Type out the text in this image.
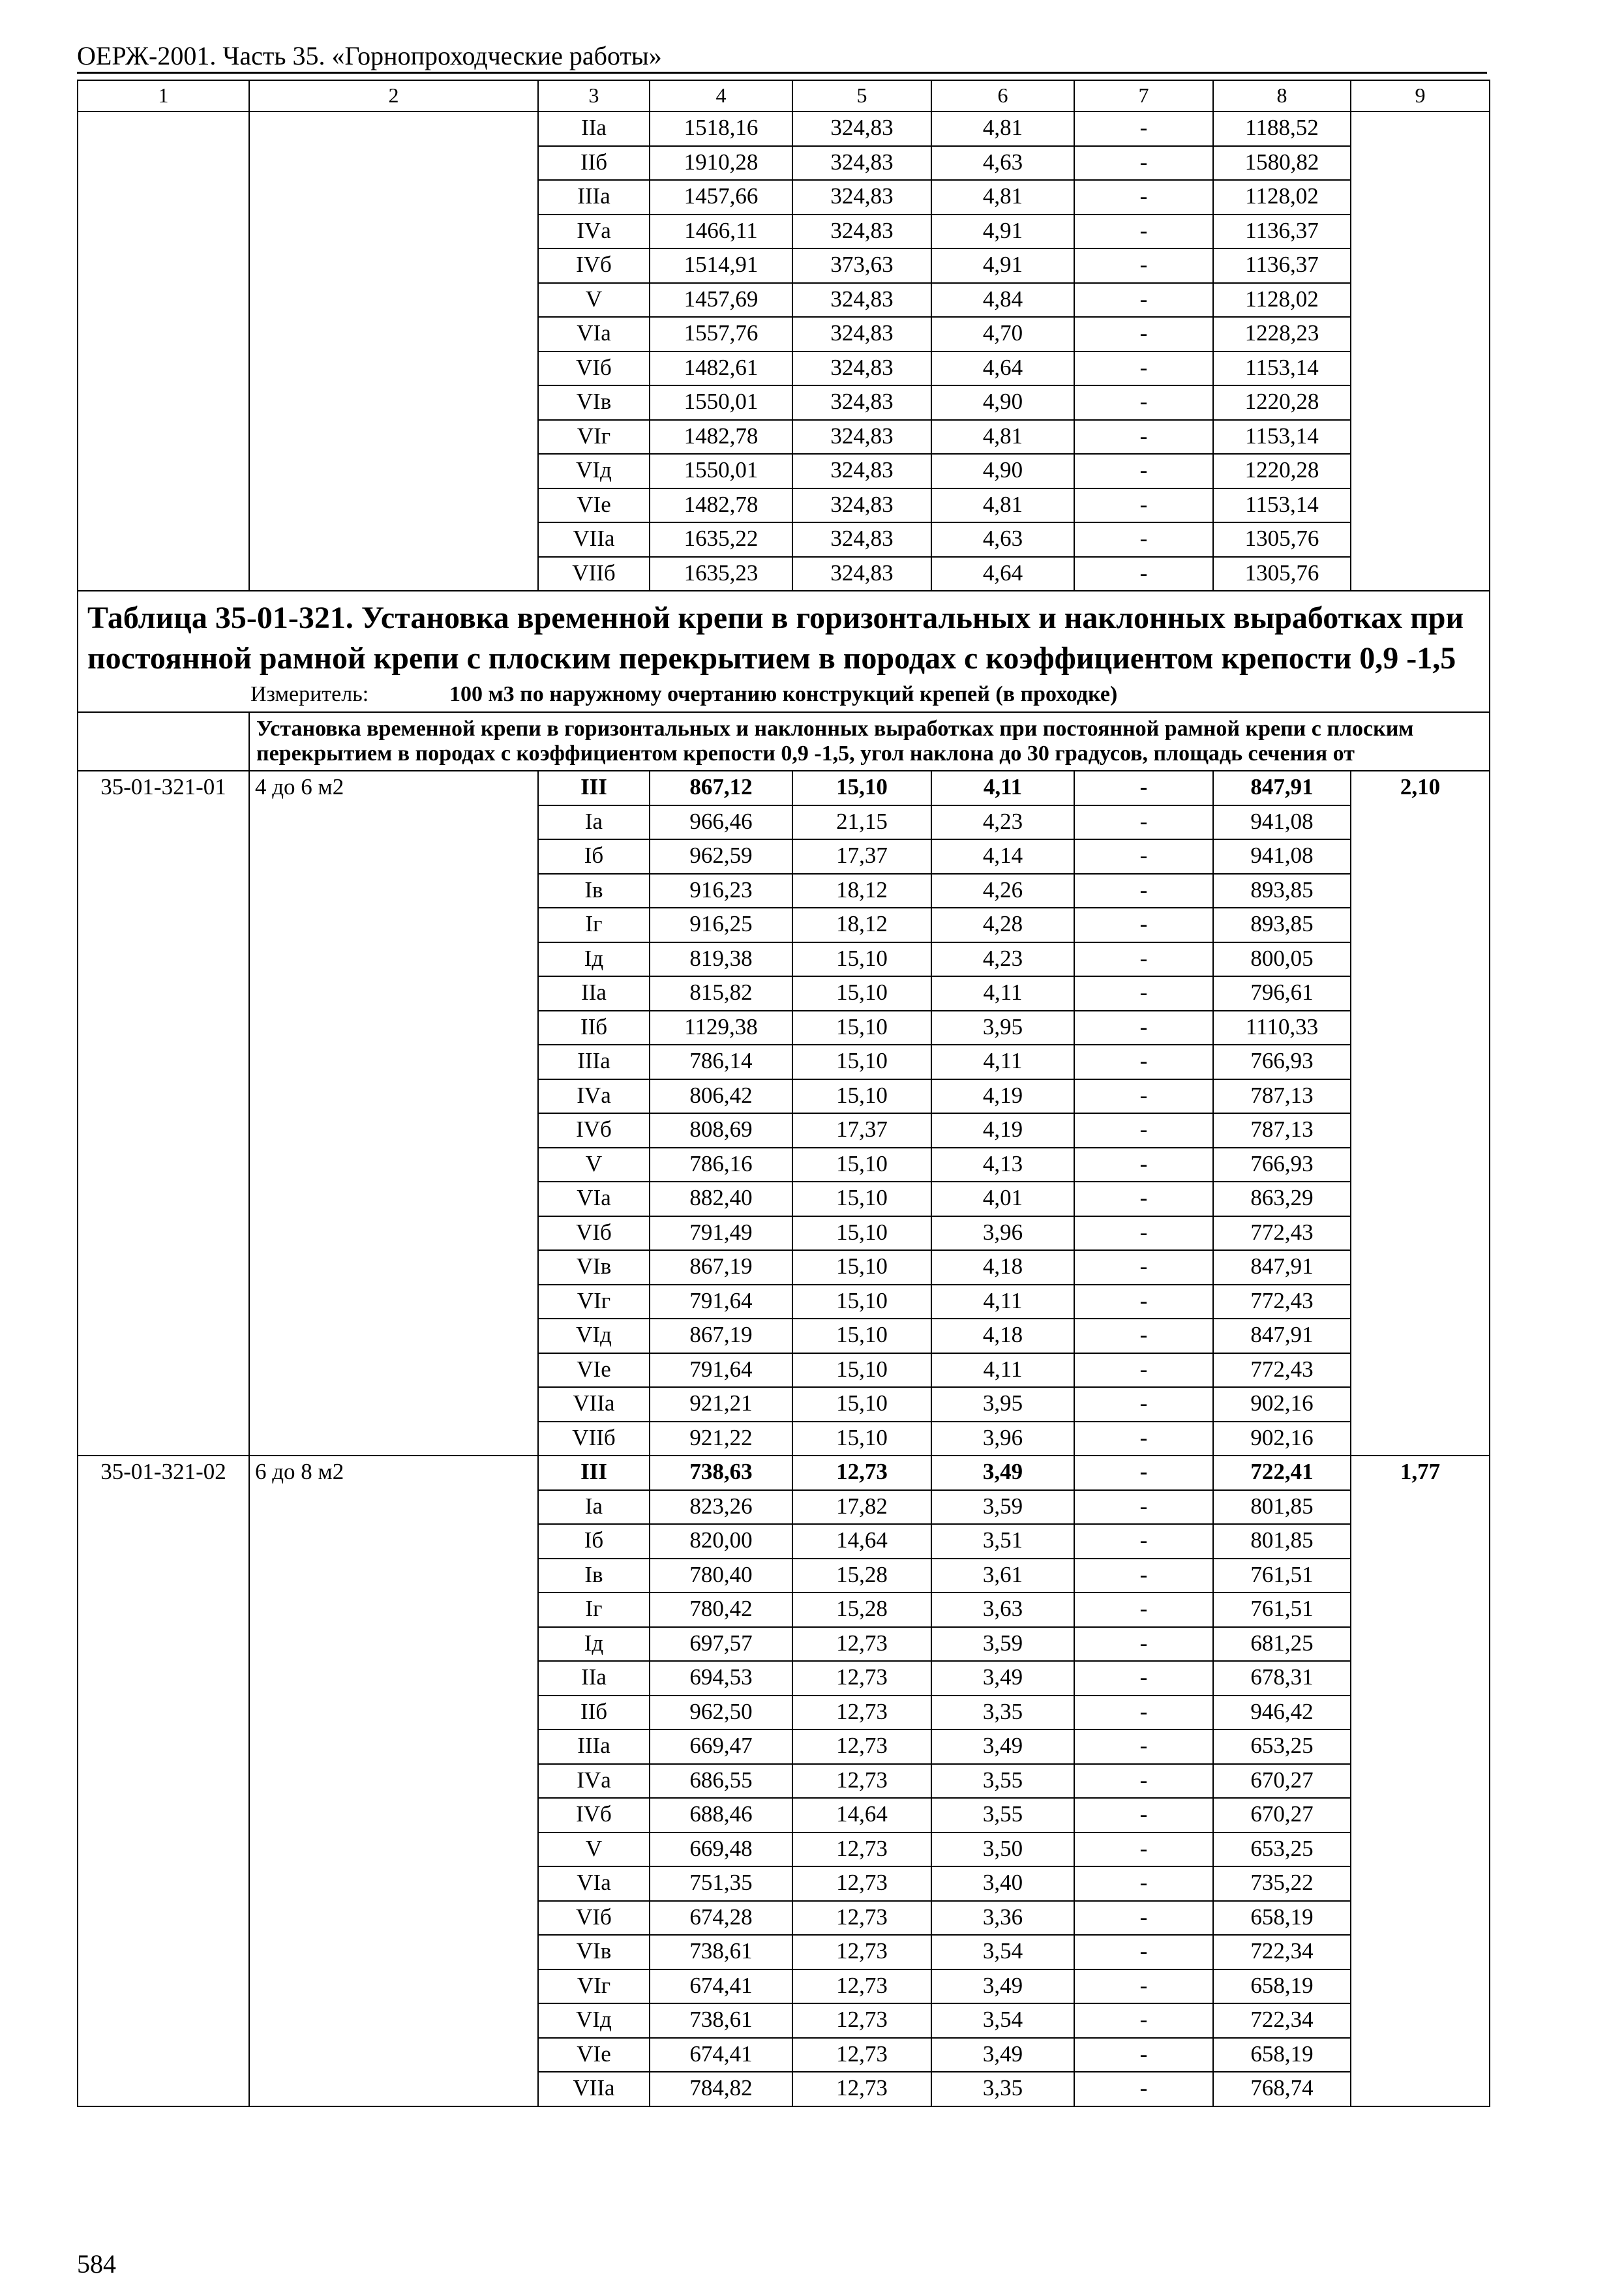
ОЕРЖ-2001. Часть 35. «Горнопроходческие работы»
1	2	3	4	5	6	7	8	9
		IIа	1518,16	324,83	4,81	-	1188,52	
		IIб	1910,28	324,83	4,63	-	1580,82	
		IIIа	1457,66	324,83	4,81	-	1128,02	
		IVа	1466,11	324,83	4,91	-	1136,37	
		IVб	1514,91	373,63	4,91	-	1136,37	
		V	1457,69	324,83	4,84	-	1128,02	
		VIа	1557,76	324,83	4,70	-	1228,23	
		VIб	1482,61	324,83	4,64	-	1153,14	
		VIв	1550,01	324,83	4,90	-	1220,28	
		VIг	1482,78	324,83	4,81	-	1153,14	
		VIд	1550,01	324,83	4,90	-	1220,28	
		VIе	1482,78	324,83	4,81	-	1153,14	
		VIIа	1635,22	324,83	4,63	-	1305,76	
		VIIб	1635,23	324,83	4,64	-	1305,76	

Таблица 35-01-321. Установка временной крепи в горизонтальных и наклонных выработках при постоянной рамной крепи с плоским перекрытием в породах с коэффициентом крепости 0,9 -1,5
Измеритель: 100 м3 по наружному очертанию конструкций крепей (в проходке)								

	Установка временной крепи в горизонтальных и наклонных выработках при постоянной рамной крепи с плоским перекрытием в породах с коэффициентом крепости 0,9 -1,5, угол наклона до 30 градусов, площадь сечения от							
35-01-321-01	4 до 6 м2	III	867,12	15,10	4,11	-	847,91	2,10
		Iа	966,46	21,15	4,23	-	941,08	
		Iб	962,59	17,37	4,14	-	941,08	
		Iв	916,23	18,12	4,26	-	893,85	
		Iг	916,25	18,12	4,28	-	893,85	
		Iд	819,38	15,10	4,23	-	800,05	
		IIа	815,82	15,10	4,11	-	796,61	
		IIб	1129,38	15,10	3,95	-	1110,33	
		IIIа	786,14	15,10	4,11	-	766,93	
		IVа	806,42	15,10	4,19	-	787,13	
		IVб	808,69	17,37	4,19	-	787,13	
		V	786,16	15,10	4,13	-	766,93	
		VIа	882,40	15,10	4,01	-	863,29	
		VIб	791,49	15,10	3,96	-	772,43	
		VIв	867,19	15,10	4,18	-	847,91	
		VIг	791,64	15,10	4,11	-	772,43	
		VIд	867,19	15,10	4,18	-	847,91	
		VIе	791,64	15,10	4,11	-	772,43	
		VIIа	921,21	15,10	3,95	-	902,16	
		VIIб	921,22	15,10	3,96	-	902,16	
35-01-321-02	6 до 8 м2	III	738,63	12,73	3,49	-	722,41	1,77
		Iа	823,26	17,82	3,59	-	801,85	
		Iб	820,00	14,64	3,51	-	801,85	
		Iв	780,40	15,28	3,61	-	761,51	
		Iг	780,42	15,28	3,63	-	761,51	
		Iд	697,57	12,73	3,59	-	681,25	
		IIа	694,53	12,73	3,49	-	678,31	
		IIб	962,50	12,73	3,35	-	946,42	
		IIIа	669,47	12,73	3,49	-	653,25	
		IVа	686,55	12,73	3,55	-	670,27	
		IVб	688,46	14,64	3,55	-	670,27	
		V	669,48	12,73	3,50	-	653,25	
		VIа	751,35	12,73	3,40	-	735,22	
		VIб	674,28	12,73	3,36	-	658,19	
		VIв	738,61	12,73	3,54	-	722,34	
		VIг	674,41	12,73	3,49	-	658,19	
		VIд	738,61	12,73	3,54	-	722,34	
		VIе	674,41	12,73	3,49	-	658,19	
		VIIа	784,82	12,73	3,35	-	768,74	
584
